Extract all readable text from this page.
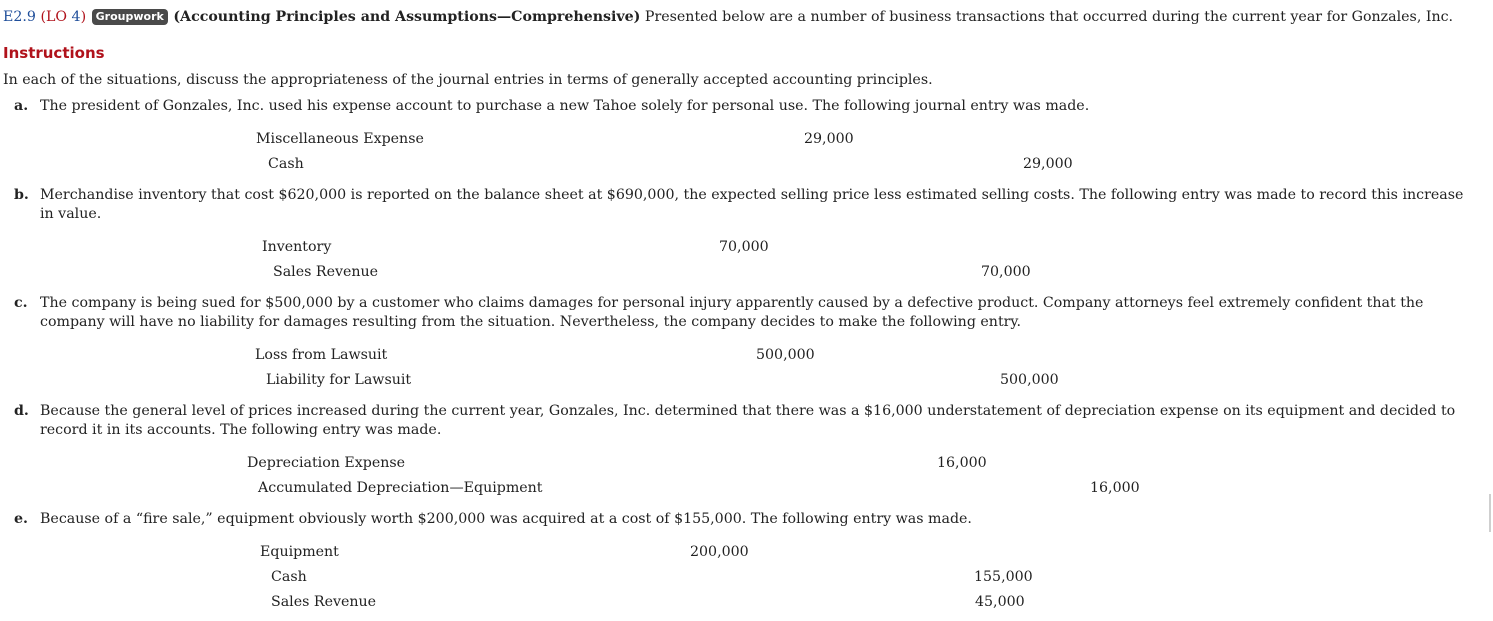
E2.9 (LO 4) Groupwork (Accounting Principles and Assumptions—Comprehensive) Presented below are a number of business transactions that occurred during the current year for Gonzales, Inc.
Instructions
In each of the situations, discuss the appropriateness of the journal entries in terms of generally accepted accounting principles.
a. The president of Gonzales, Inc. used his expense account to purchase a new Tahoe solely for personal use. The following journal entry was made.
Miscellaneous Expense	29,000
Cash	29,000
b. Merchandise inventory that cost $620,000 is reported on the balance sheet at $690,000, the expected selling price less estimated selling costs. The following entry was made to record this increase in value.
Inventory	70,000
Sales Revenue	70,000
c. The company is being sued for $500,000 by a customer who claims damages for personal injury apparently caused by a defective product. Company attorneys feel extremely confident that the company will have no liability for damages resulting from the situation. Nevertheless, the company decides to make the following entry.
Loss from Lawsuit	500,000
Liability for Lawsuit	500,000
d. Because the general level of prices increased during the current year, Gonzales, Inc. determined that there was a $16,000 understatement of depreciation expense on its equipment and decided to record it in its accounts. The following entry was made.
Depreciation Expense	16,000
Accumulated Depreciation—Equipment	16,000
e. Because of a “fire sale,” equipment obviously worth $200,000 was acquired at a cost of $155,000. The following entry was made.
Equipment	200,000
Cash	155,000
Sales Revenue	45,000
